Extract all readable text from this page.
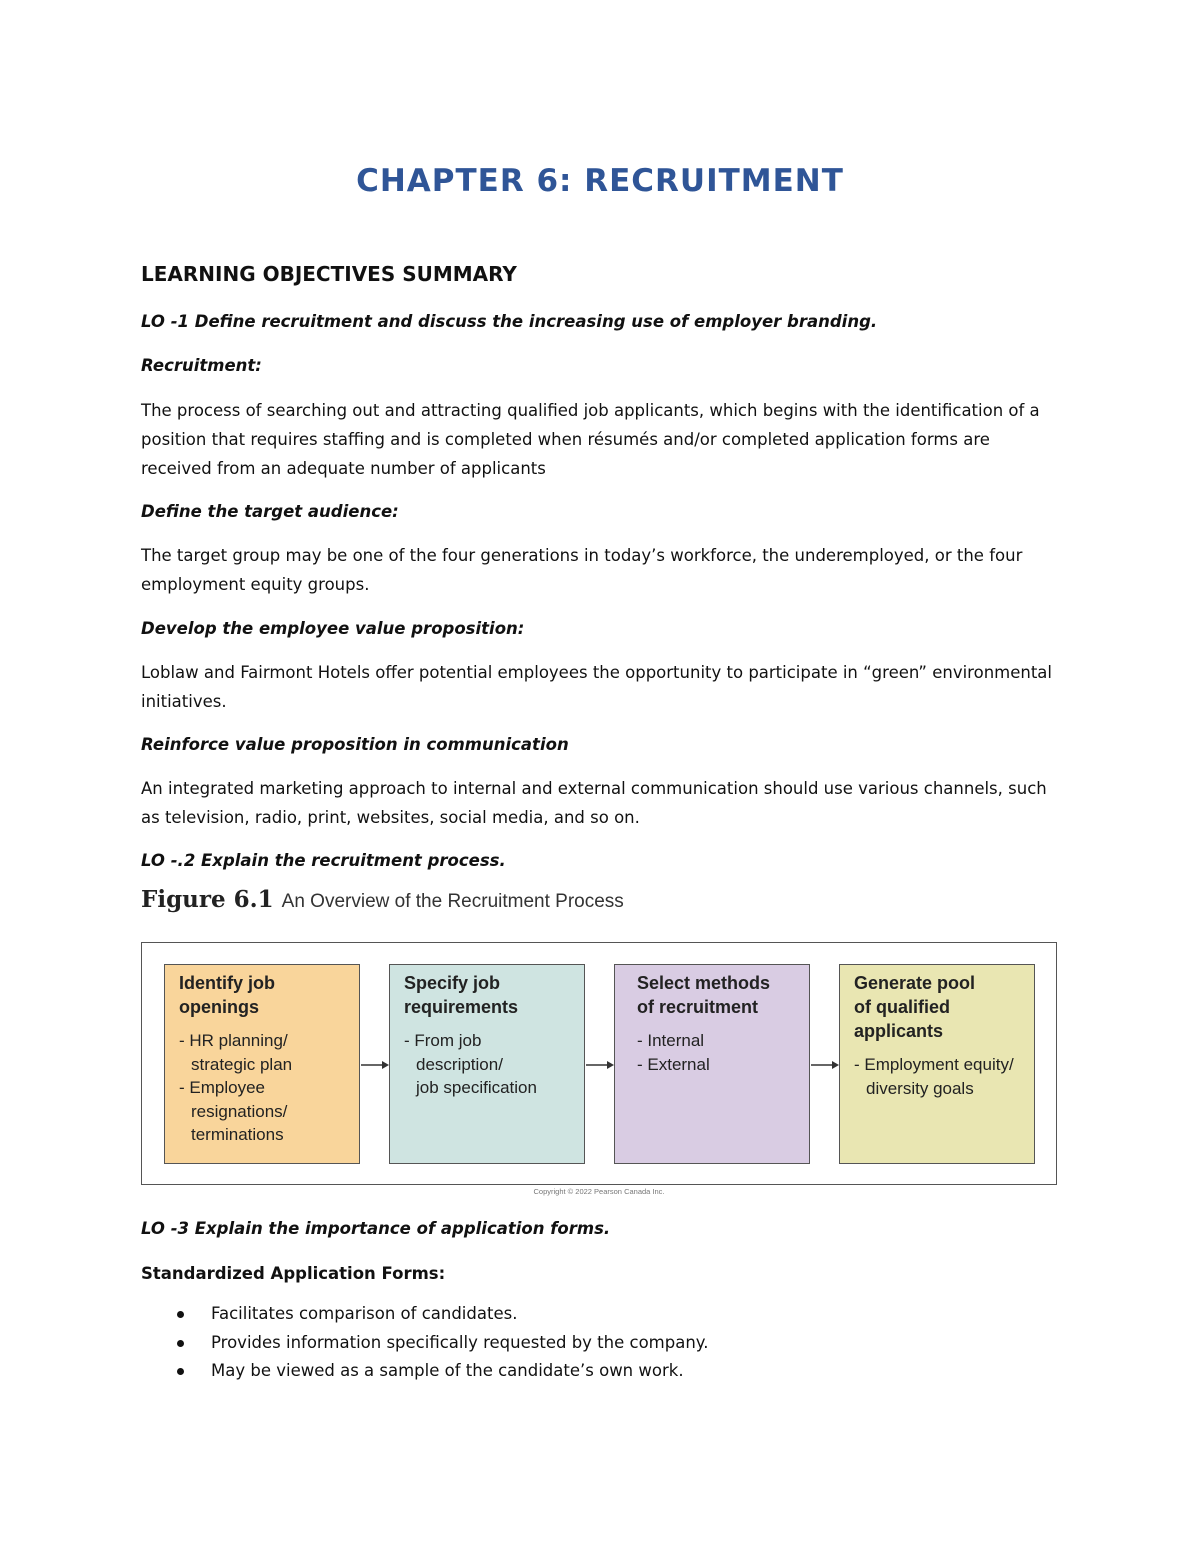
CHAPTER 6: RECRUITMENT
LEARNING OBJECTIVES SUMMARY
LO -1 Define recruitment and discuss the increasing use of employer branding.
Recruitment:
The process of searching out and attracting qualified job applicants, which begins with the identification of a position that requires staffing and is completed when résumés and/or completed application forms are received from an adequate number of applicants
Define the target audience:
The target group may be one of the four generations in today’s workforce, the underemployed, or the four employment equity groups.
Develop the employee value proposition:
Loblaw and Fairmont Hotels offer potential employees the opportunity to participate in “green” environmental initiatives.
Reinforce value proposition in communication
An integrated marketing approach to internal and external communication should use various channels, such as television, radio, print, websites, social media, and so on.
LO -.2 Explain the recruitment process.
Figure 6.1 An Overview of the Recruitment Process
Identify job
openings
- HR planning/
strategic plan
- Employee
resignations/
terminations
Specify job
requirements
- From job
description/
job specification
Select methods
of recruitment
- Internal
- External
Generate pool
of qualified
applicants
- Employment equity/
diversity goals
Copyright © 2022 Pearson Canada Inc.
LO -3 Explain the importance of application forms.
Standardized Application Forms:
Facilitates comparison of candidates.
Provides information specifically requested by the company.
May be viewed as a sample of the candidate’s own work.
